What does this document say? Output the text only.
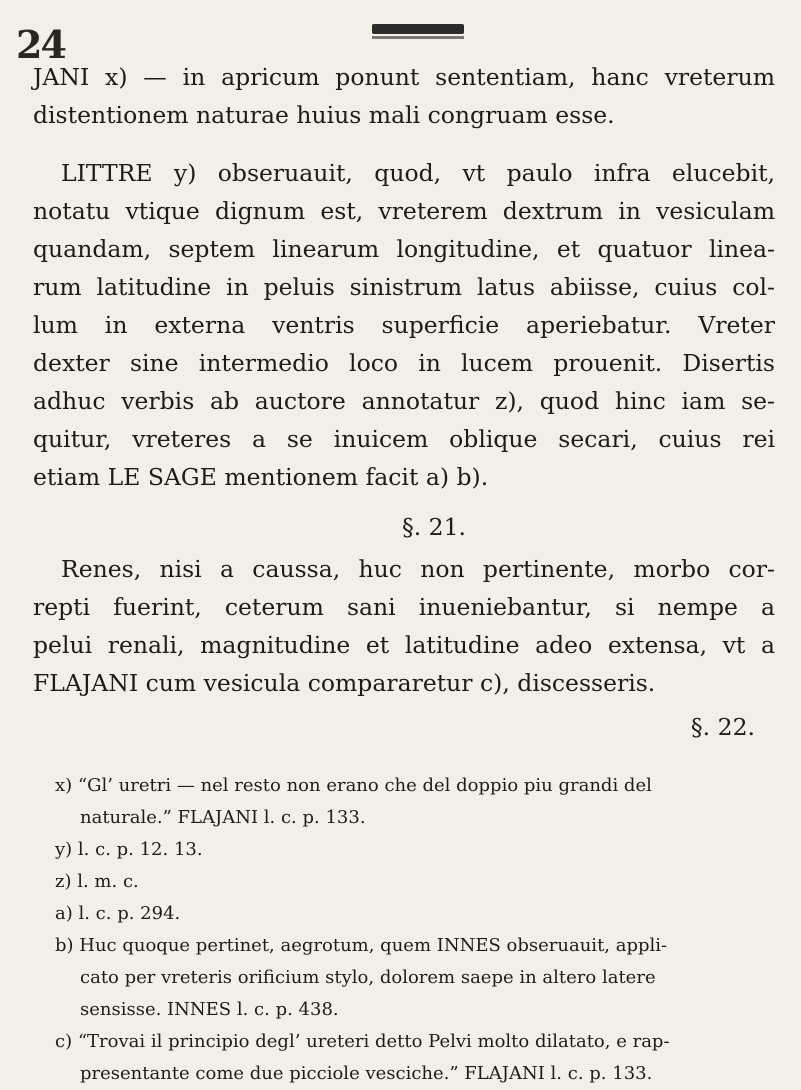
24
JANI x) — in apricum ponunt sententiam, hanc vreterum
distentionem naturae huius mali congruam esse.
LITTRE y) obseruauit, quod, vt paulo infra elucebit,
notatu vtique dignum est, vreterem dextrum in vesiculam
quandam, septem linearum longitudine, et quatuor linea-
rum latitudine in peluis sinistrum latus abiisse, cuius col-
lum in externa ventris superficie aperiebatur. Vreter
dexter sine intermedio loco in lucem prouenit. Disertis
adhuc verbis ab auctore annotatur z), quod hinc iam se-
quitur, vreteres a se inuicem oblique secari, cuius rei
etiam LE SAGE mentionem facit a) b).
§. 21.
Renes, nisi a caussa, huc non pertinente, morbo cor-
repti fuerint, ceterum sani inueniebantur, si nempe a
pelui renali, magnitudine et latitudine adeo extensa, vt a
FLAJANI cum vesicula compararetur c), discesseris.
§. 22.
x) “Gl’ uretri — nel resto non erano che del doppio piu grandi del
naturale.” FLAJANI l. c. p. 133.
y) l. c. p. 12. 13.
z) l. m. c.
a) l. c. p. 294.
b) Huc quoque pertinet, aegrotum, quem INNES obseruauit, appli-
cato per vreteris orificium stylo, dolorem saepe in altero latere
sensisse. INNES l. c. p. 438.
c) “Trovai il principio degl’ ureteri detto Pelvi molto dilatato, e rap-
presentante come due picciole vesciche.” FLAJANI l. c. p. 133.
